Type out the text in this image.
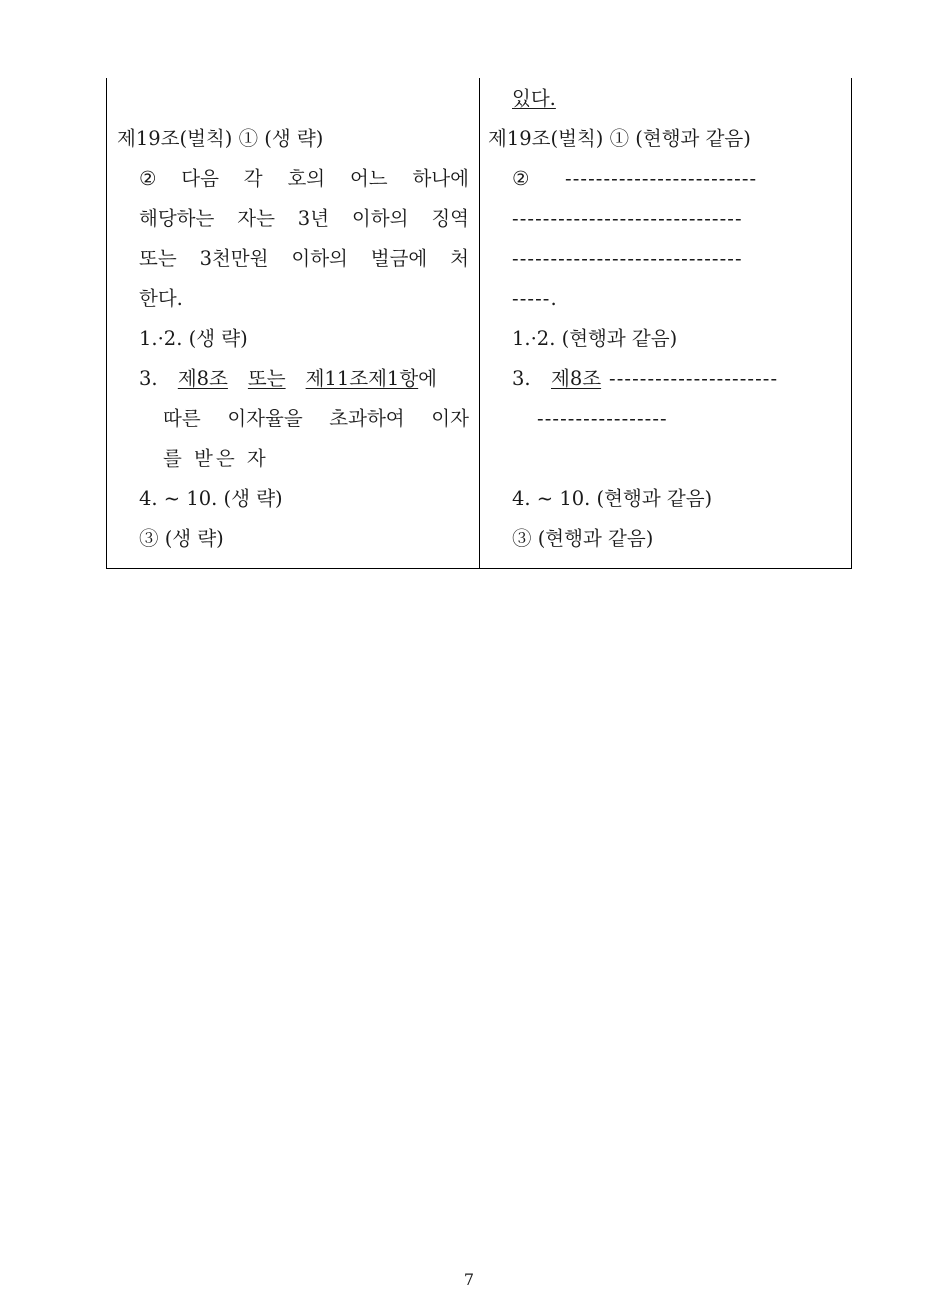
제19조(벌칙) ① (생 략)
② 다음 각 호의 어느 하나에
해당하는 자는 3년 이하의 징역
또는 3천만원 이하의 벌금에 처
한다.
1.·2. (생 략)
3. 제8조 또는 제11조제1항에
따른 이자율을 초과하여 이자
를 받은 자
4. ~ 10. (생 략)
③ (생 략)
있다.
제19조(벌칙) ① (현행과 같음)
② -------------------------
------------------------------
------------------------------
-----.
1.·2. (현행과 같음)
3. 제8조 ----------------------
-----------------
4. ~ 10. (현행과 같음)
③ (현행과 같음)
7
